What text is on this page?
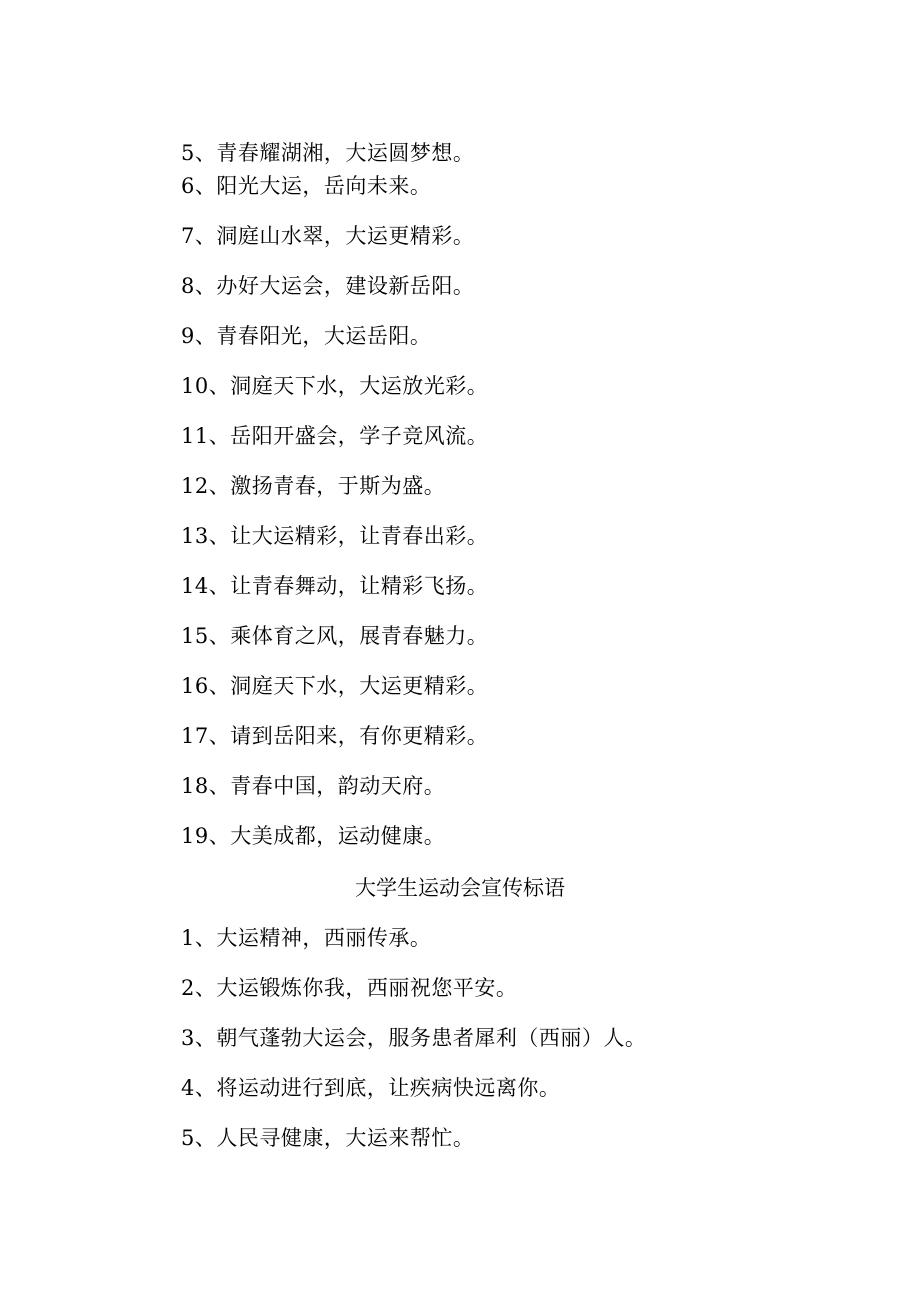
5、青春耀湖湘，大运圆梦想。
6、阳光大运，岳向未来。
7、洞庭山水翠，大运更精彩。
8、办好大运会，建设新岳阳。
9、青春阳光，大运岳阳。
10、洞庭天下水，大运放光彩。
11、岳阳开盛会，学子竞风流。
12、激扬青春，于斯为盛。
13、让大运精彩，让青春出彩。
14、让青春舞动，让精彩飞扬。
15、乘体育之风，展青春魅力。
16、洞庭天下水，大运更精彩。
17、请到岳阳来，有你更精彩。
18、青春中国，韵动天府。
19、大美成都，运动健康。
大学生运动会宣传标语
1、大运精神，西丽传承。
2、大运锻炼你我，西丽祝您平安。
3、朝气蓬勃大运会，服务患者犀利（西丽）人。
4、将运动进行到底，让疾病快远离你。
5、人民寻健康，大运来帮忙。
